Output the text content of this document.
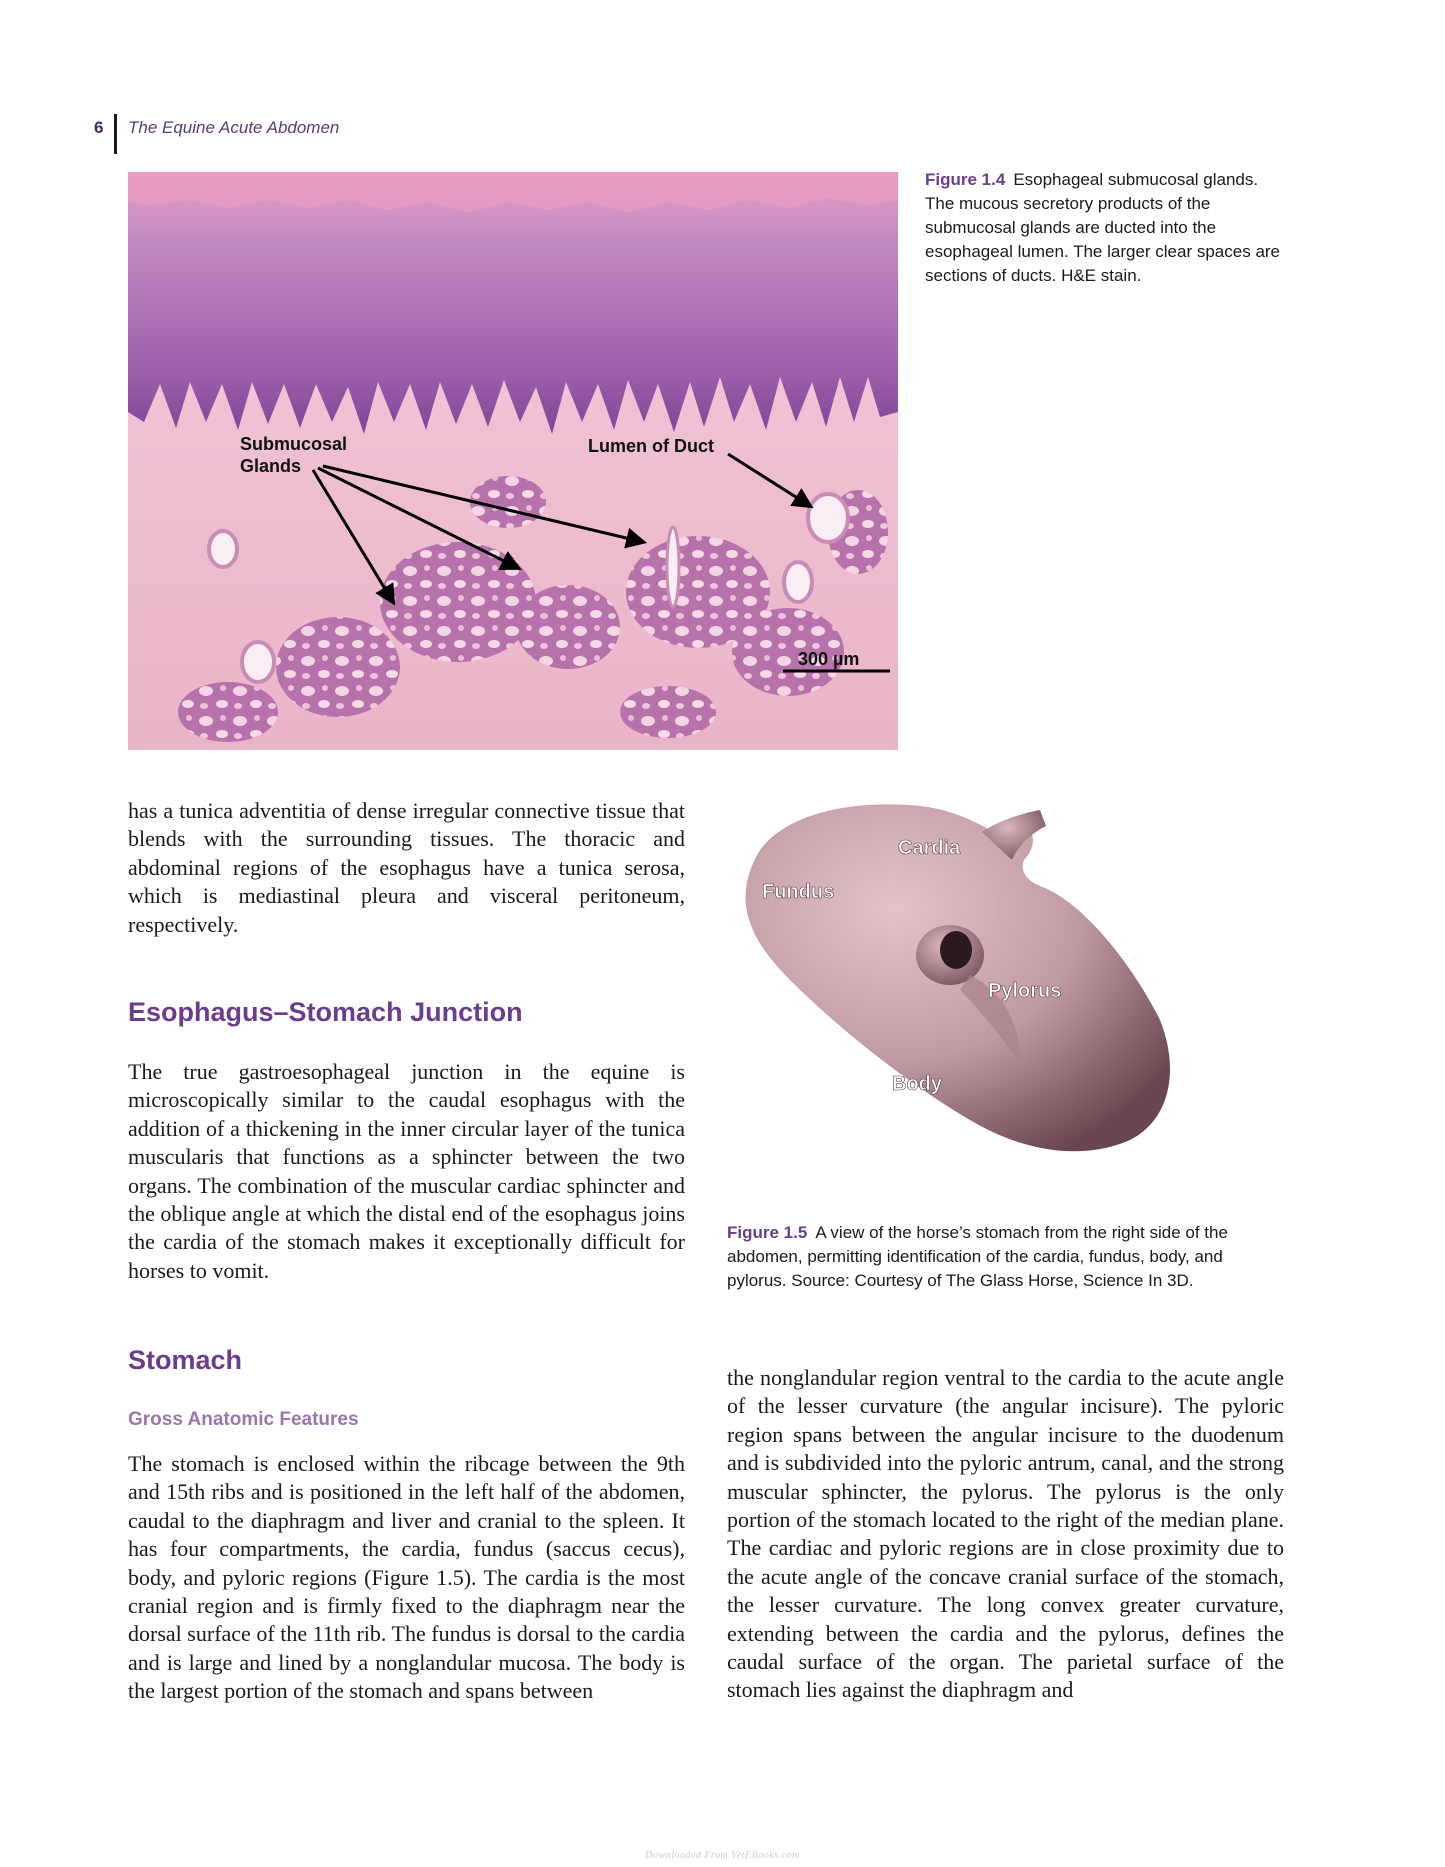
6 The Equine Acute Abdomen
Submucosal
Glands
Lumen of Duct
300 µm
Figure 1.4 Esophageal submucosal glands. The mucous secretory products of the submucosal glands are ducted into the esophageal lumen. The larger clear spaces are sections of ducts. H&E stain.
has a tunica adventitia of dense irregular connective tissue that blends with the surrounding tissues. The thoracic and abdominal regions of the esophagus have a tunica serosa, which is mediastinal pleura and visceral peritoneum, respectively.
Esophagus–Stomach Junction
The true gastroesophageal junction in the equine is microscopically similar to the caudal esophagus with the addition of a thickening in the inner circular layer of the tunica muscularis that functions as a sphincter between the two organs. The combination of the muscular cardiac sphincter and the oblique angle at which the distal end of the esophagus joins the cardia of the stomach makes it exceptionally difficult for horses to vomit.
Cardia
Fundus
Pylorus
Body
Figure 1.5 A view of the horse’s stomach from the right side of the abdomen, permitting identification of the cardia, fundus, body, and pylorus. Source: Courtesy of The Glass Horse, Science In 3D.
Stomach
Gross Anatomic Features
The stomach is enclosed within the ribcage between the 9th and 15th ribs and is positioned in the left half of the abdomen, caudal to the diaphragm and liver and cranial to the spleen. It has four compartments, the cardia, fundus (saccus cecus), body, and pyloric regions (Figure 1.5). The cardia is the most cranial region and is firmly fixed to the diaphragm near the dorsal surface of the 11th rib. The fundus is dorsal to the cardia and is large and lined by a nonglandular mucosa. The body is the largest portion of the stomach and spans between
the nonglandular region ventral to the cardia to the acute angle of the lesser curvature (the angular incisure). The pyloric region spans between the angular incisure to the duodenum and is subdivided into the pyloric antrum, canal, and the strong muscular sphincter, the pylorus. The pylorus is the only portion of the stomach located to the right of the median plane. The cardiac and pyloric regions are in close proximity due to the acute angle of the concave cranial surface of the stomach, the lesser curvature. The long convex greater curvature, extending between the cardia and the pylorus, defines the caudal surface of the organ. The parietal surface of the stomach lies against the diaphragm and
Downloaded From VetEBooks.com
